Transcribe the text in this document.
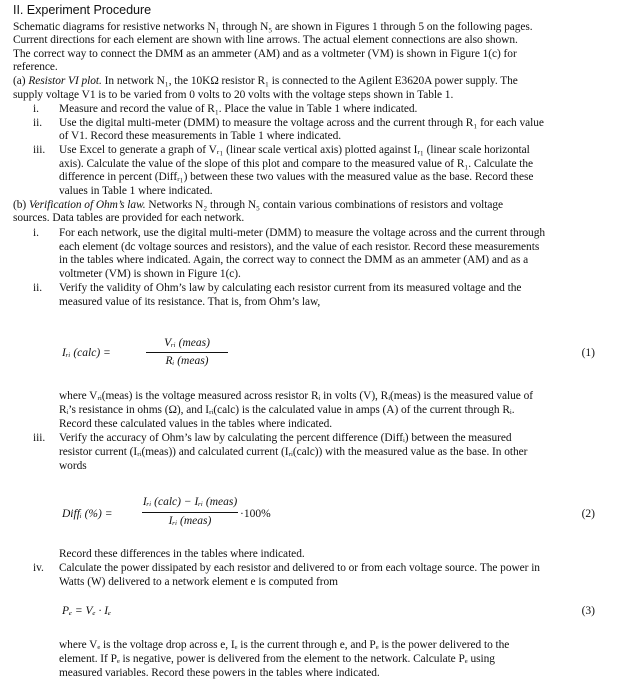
II. Experiment Procedure
Schematic diagrams for resistive networks N₁ through N₅ are shown in Figures 1 through 5 on the following pages.
Current directions for each element are shown with line arrows. The actual element connections are also shown.
The correct way to connect the DMM as an ammeter (AM) and as a voltmeter (VM) is shown in Figure 1(c) for
reference.
(a) Resistor VI plot. In network N₁, the 10KΩ resistor R₁ is connected to the Agilent E3620A power supply. The
supply voltage V1 is to be varied from 0 volts to 20 volts with the voltage steps shown in Table 1.
i. Measure and record the value of R₁. Place the value in Table 1 where indicated.
ii. Use the digital multi-meter (DMM) to measure the voltage across and the current through R₁ for each value
of V1. Record these measurements in Table 1 where indicated.
iii. Use Excel to generate a graph of Vᵣ₁ (linear scale vertical axis) plotted against Iᵣ₁ (linear scale horizontal
axis). Calculate the value of the slope of this plot and compare to the measured value of R₁. Calculate the
difference in percent (Diffᵣ₁) between these two values with the measured value as the base. Record these
values in Table 1 where indicated.
(b) Verification of Ohm’s law. Networks N₂ through N₅ contain various combinations of resistors and voltage
sources. Data tables are provided for each network.
i. For each network, use the digital multi-meter (DMM) to measure the voltage across and the current through
each element (dc voltage sources and resistors), and the value of each resistor. Record these measurements
in the tables where indicated. Again, the correct way to connect the DMM as an ammeter (AM) and as a
voltmeter (VM) is shown in Figure 1(c).
ii. Verify the validity of Ohm’s law by calculating each resistor current from its measured voltage and the
measured value of its resistance. That is, from Ohm’s law,
Iᵣᵢ (calc) =
Vᵣᵢ (meas)
Rᵢ (meas)
(1)
where Vᵣᵢ(meas) is the voltage measured across resistor Rᵢ in volts (V), Rᵢ(meas) is the measured value of
Rᵢ’s resistance in ohms (Ω), and Iᵣᵢ(calc) is the calculated value in amps (A) of the current through Rᵢ.
Record these calculated values in the tables where indicated.
iii. Verify the accuracy of Ohm’s law by calculating the percent difference (Diffᵢ) between the measured
resistor current (Iᵣᵢ(meas)) and calculated current (Iᵣᵢ(calc)) with the measured value as the base. In other
words
Diffᵢ (%) =
Iᵣᵢ (calc) − Iᵣᵢ (meas)
Iᵣᵢ (meas)
·100%	(2)
Record these differences in the tables where indicated.
iv. Calculate the power dissipated by each resistor and delivered to or from each voltage source. The power in
Watts (W) delivered to a network element e is computed from
Pₑ = Vₑ · Iₑ	(3)
where Vₑ is the voltage drop across e, Iₑ is the current through e, and Pₑ is the power delivered to the
element. If Pₑ is negative, power is delivered from the element to the network. Calculate Pₑ using
measured variables. Record these powers in the tables where indicated.
